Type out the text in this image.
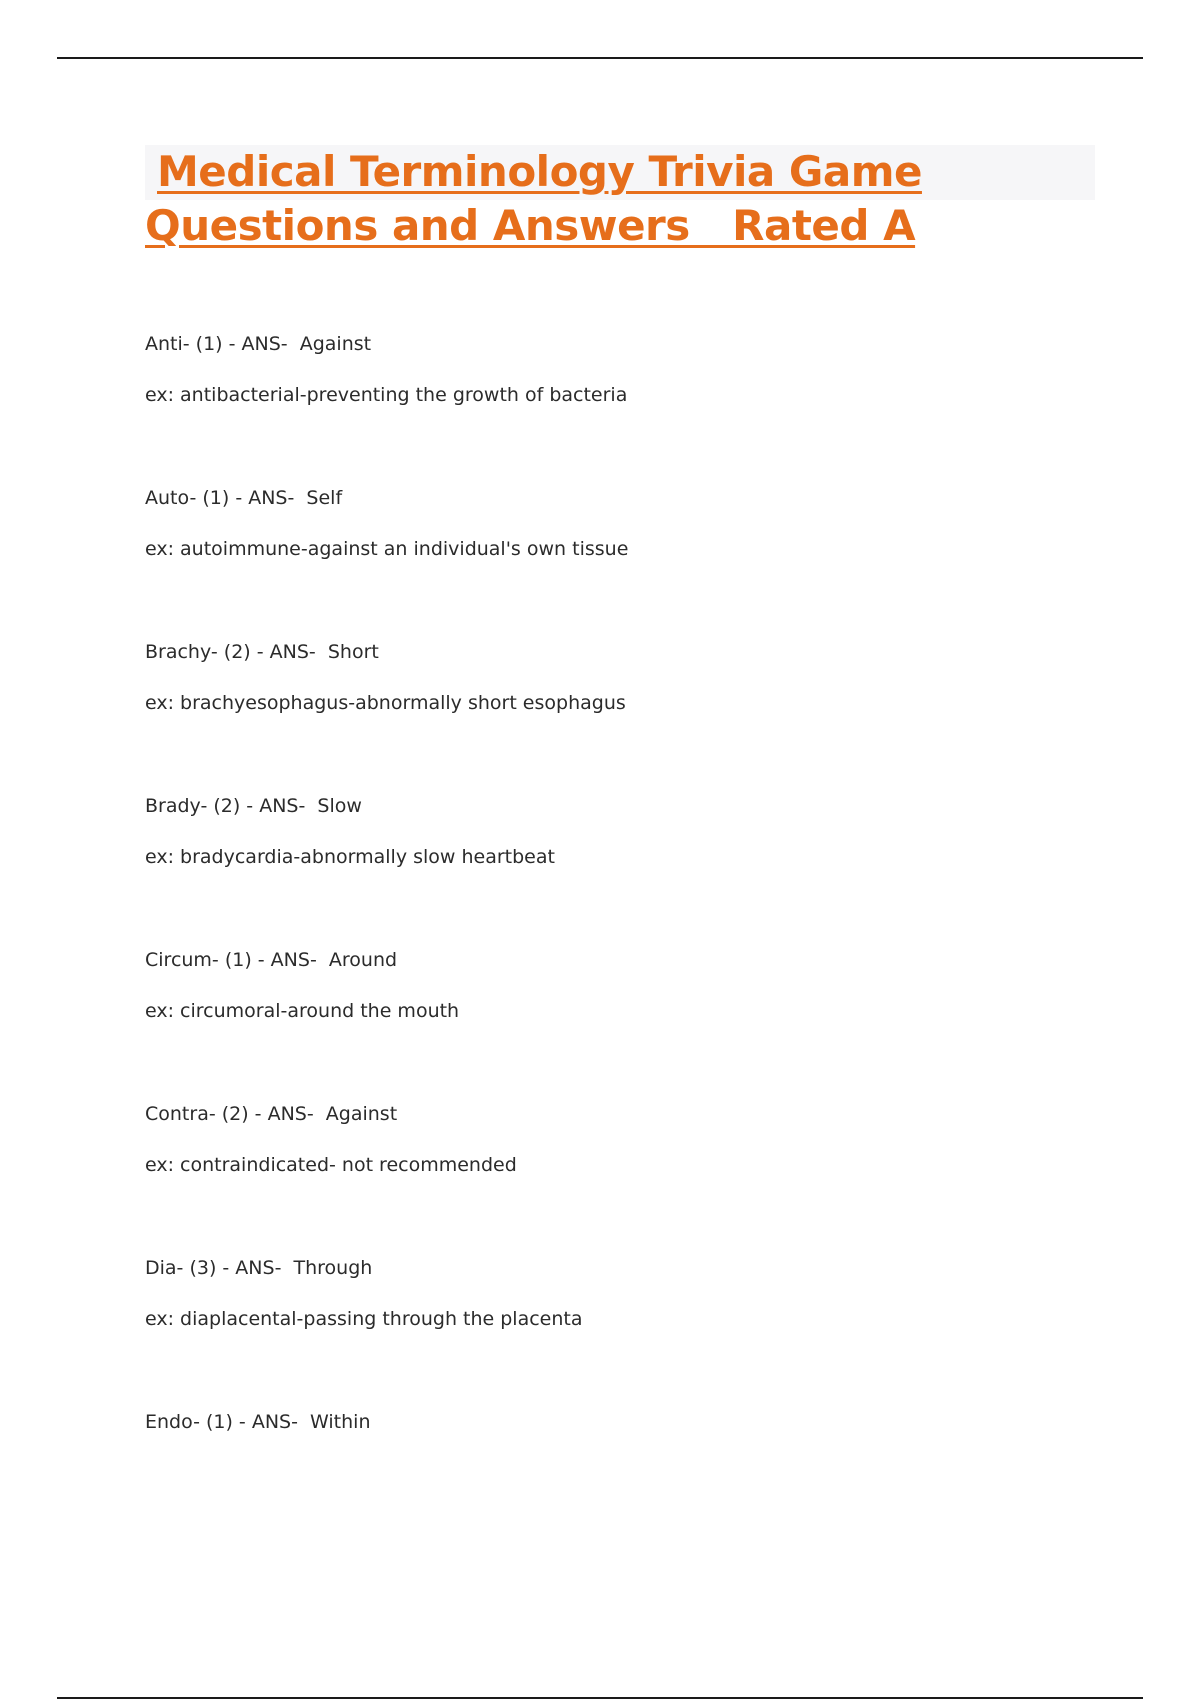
Medical Terminology Trivia Game
Questions and Answers   Rated A
Anti- (1) - ANS-  Against
ex: antibacterial-preventing the growth of bacteria
Auto- (1) - ANS-  Self
ex: autoimmune-against an individual's own tissue
Brachy- (2) - ANS-  Short
ex: brachyesophagus-abnormally short esophagus
Brady- (2) - ANS-  Slow
ex: bradycardia-abnormally slow heartbeat
Circum- (1) - ANS-  Around
ex: circumoral-around the mouth
Contra- (2) - ANS-  Against
ex: contraindicated- not recommended
Dia- (3) - ANS-  Through
ex: diaplacental-passing through the placenta
Endo- (1) - ANS-  Within
